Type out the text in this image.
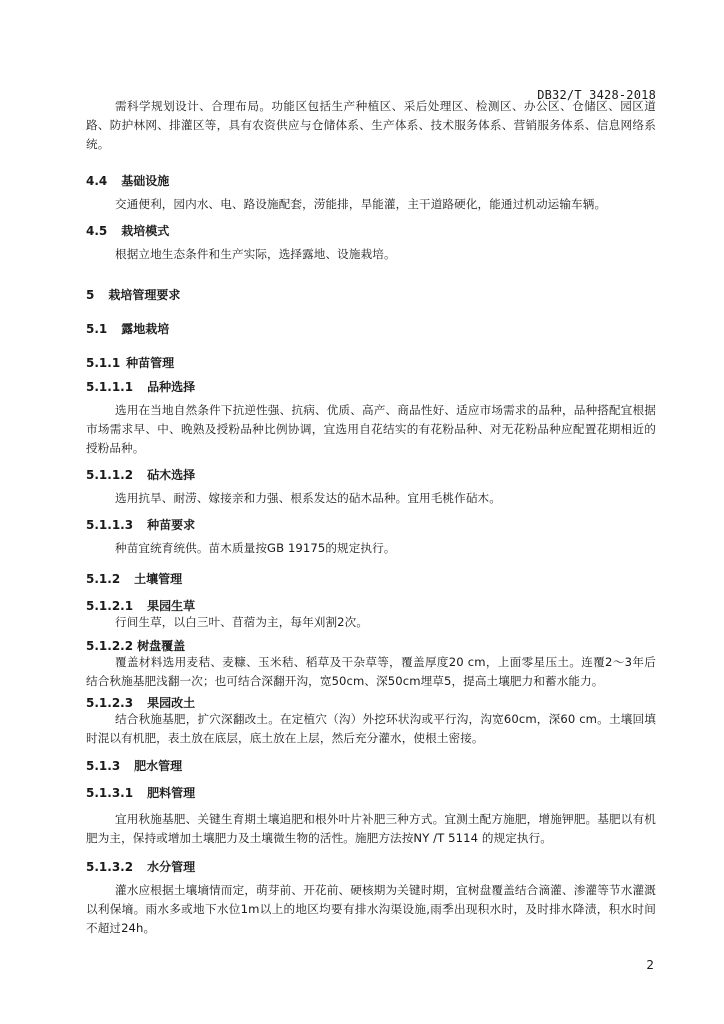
DB32/T 3428-2018
需科学规划设计、合理布局。功能区包括生产种植区、采后处理区、检测区、办公区、仓储区、园区道路、防护林网、排灌区等，具有农资供应与仓储体系、生产体系、技术服务体系、营销服务体系、信息网络系统。
4.4 基础设施
交通便利，园内水、电、路设施配套，涝能排，旱能灌，主干道路硬化，能通过机动运输车辆。
4.5 栽培模式
根据立地生态条件和生产实际，选择露地、设施栽培。
5 栽培管理要求
5.1 露地栽培
5.1.1 种苗管理
5.1.1.1 品种选择
选用在当地自然条件下抗逆性强、抗病、优质、高产、商品性好、适应市场需求的品种，品种搭配宜根据市场需求早、中、晚熟及授粉品种比例协调，宜选用自花结实的有花粉品种、对无花粉品种应配置花期相近的授粉品种。
5.1.1.2 砧木选择
选用抗旱、耐涝、嫁接亲和力强、根系发达的砧木品种。宜用毛桃作砧木。
5.1.1.3 种苗要求
种苗宜统育统供。苗木质量按GB 19175的规定执行。
5.1.2 土壤管理
5.1.2.1 果园生草
行间生草，以白三叶、苜蓿为主，每年刈割2次。
5.1.2.2 树盘覆盖
覆盖材料选用麦秸、麦糠、玉米秸、稻草及干杂草等，覆盖厚度20 cm，上面零星压土。连覆2～3年后结合秋施基肥浅翻一次；也可结合深翻开沟，宽50cm、深50cm埋草5，提高土壤肥力和蓄水能力。
5.1.2.3 果园改土
结合秋施基肥，扩穴深翻改土。在定植穴（沟）外挖环状沟或平行沟，沟宽60cm，深60 cm。土壤回填时混以有机肥，表土放在底层，底土放在上层，然后充分灌水，使根土密接。
5.1.3 肥水管理
5.1.3.1 肥料管理
宜用秋施基肥、关键生育期土壤追肥和根外叶片补肥三种方式。宜测土配方施肥，增施钾肥。基肥以有机肥为主，保持或增加土壤肥力及土壤微生物的活性。施肥方法按NY /T 5114 的规定执行。
5.1.3.2 水分管理
灌水应根据土壤墒情而定，萌芽前、开花前、硬核期为关键时期，宜树盘覆盖结合滴灌、渗灌等节水灌溉以利保墒。雨水多或地下水位1m以上的地区均要有排水沟渠设施,雨季出现积水时，及时排水降渍，积水时间不超过24h。
2
